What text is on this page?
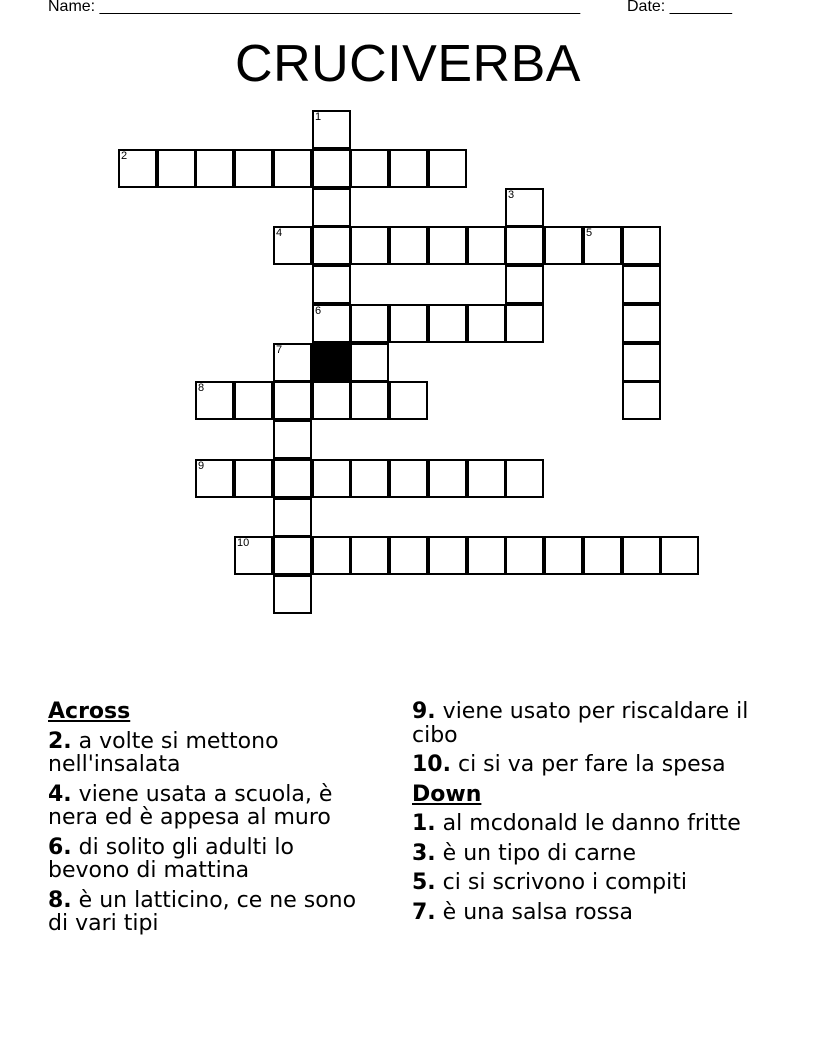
Name: ______________________________________________________	Date: _______
CRUCIVERBA
1
2
3
4	5
6
7
8
9
10
Across
2. a volte si mettono nell'insalata
4. viene usata a scuola, è nera ed è appesa al muro
6. di solito gli adulti lo bevono di mattina
8. è un latticino, ce ne sono di vari tipi
9. viene usato per riscaldare il cibo
10. ci si va per fare la spesa
Down
1. al mcdonald le danno fritte
3. è un tipo di carne
5. ci si scrivono i compiti
7. è una salsa rossa
